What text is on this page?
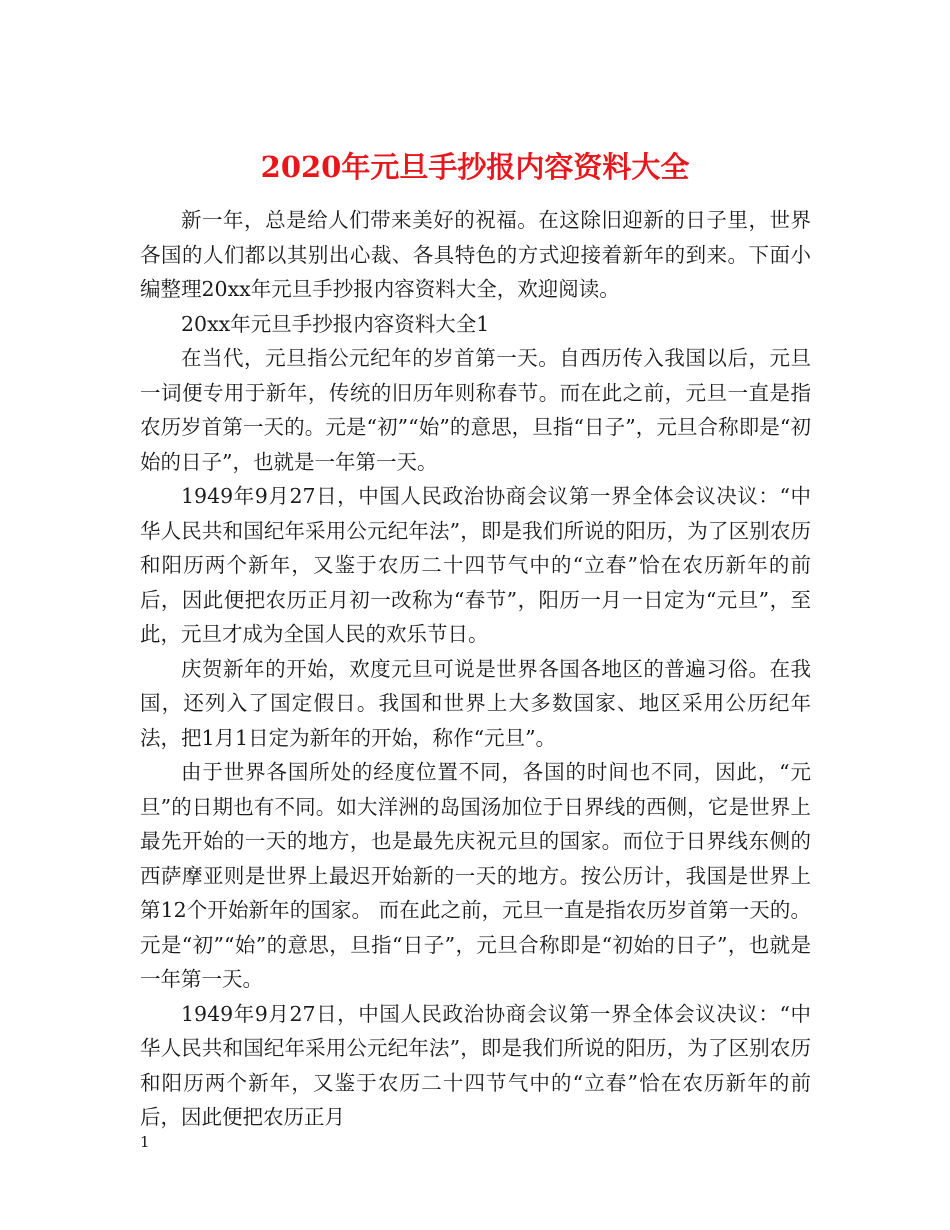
2020年元旦手抄报内容资料大全

新一年，总是给人们带来美好的祝福。在这除旧迎新的日子里，世界各国的人们都以其别出心裁、各具特色的方式迎接着新年的到来。下面小编整理20xx年元旦手抄报内容资料大全，欢迎阅读。

20xx年元旦手抄报内容资料大全1

在当代，元旦指公元纪年的岁首第一天。自西历传入我国以后，元旦一词便专用于新年，传统的旧历年则称春节。而在此之前，元旦一直是指农历岁首第一天的。元是“初”“始”的意思，旦指“日子”，元旦合称即是“初始的日子”，也就是一年第一天。

1949年9月27日，中国人民政治协商会议第一界全体会议决议：“中华人民共和国纪年采用公元纪年法”，即是我们所说的阳历，为了区别农历和阳历两个新年，又鉴于农历二十四节气中的“立春”恰在农历新年的前后，因此便把农历正月初一改称为“春节”，阳历一月一日定为“元旦”，至此，元旦才成为全国人民的欢乐节日。

庆贺新年的开始，欢度元旦可说是世界各国各地区的普遍习俗。在我国，还列入了国定假日。我国和世界上大多数国家、地区采用公历纪年法，把1月1日定为新年的开始，称作“元旦”。

由于世界各国所处的经度位置不同，各国的时间也不同，因此，“元旦”的日期也有不同。如大洋洲的岛国汤加位于日界线的西侧，它是世界上最先开始的一天的地方，也是最先庆祝元旦的国家。而位于日界线东侧的西萨摩亚则是世界上最迟开始新的一天的地方。按公历计，我国是世界上第12个开始新年的国家。 而在此之前，元旦一直是指农历岁首第一天的。元是“初”“始”的意思，旦指“日子”，元旦合称即是“初始的日子”，也就是一年第一天。

1949年9月27日，中国人民政治协商会议第一界全体会议决议：“中华人民共和国纪年采用公元纪年法”，即是我们所说的阳历，为了区别农历和阳历两个新年，又鉴于农历二十四节气中的“立春”恰在农历新年的前后，因此便把农历正月

1
